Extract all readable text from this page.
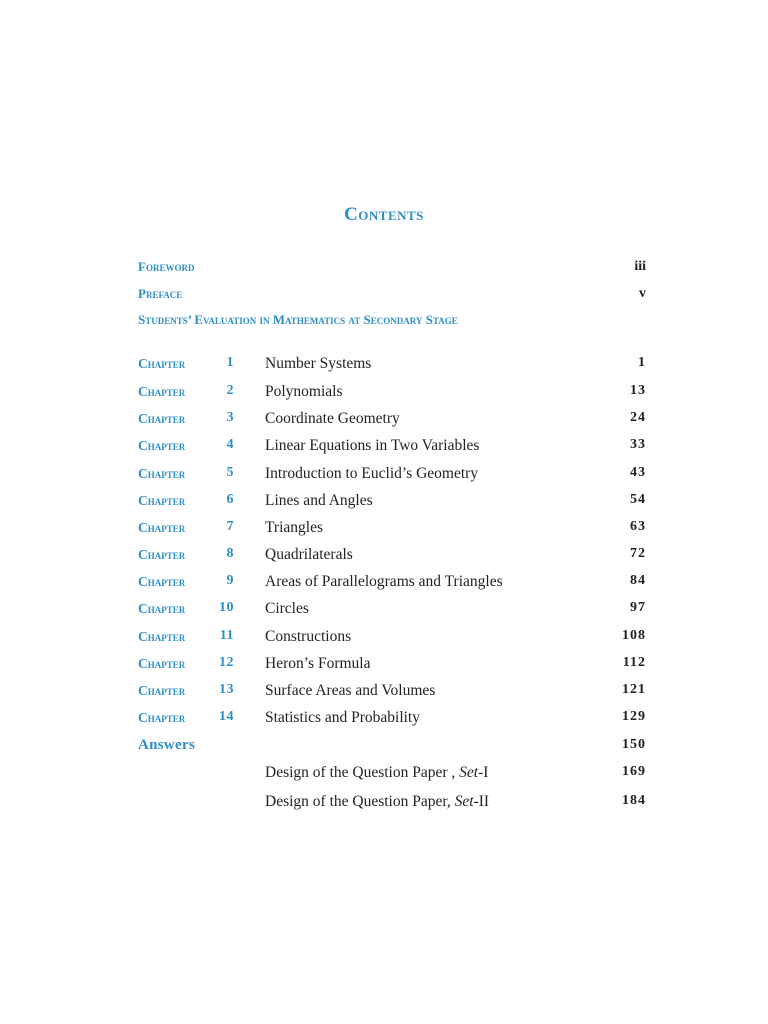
Contents
Foreword	iii
Preface	v
Students’ Evaluation in Mathematics at Secondary Stage
Chapter	1 Number Systems	1
Chapter	2 Polynomials	13
Chapter	3 Coordinate Geometry	24
Chapter	4 Linear Equations in Two Variables	33
Chapter	5 Introduction to Euclid’s Geometry	43
Chapter	6 Lines and Angles	54
Chapter	7 Triangles	63
Chapter	8 Quadrilaterals	72
Chapter	9 Areas of Parallelograms and Triangles	84
Chapter	10 Circles	97
Chapter	11 Constructions	108
Chapter	12 Heron’s Formula	112
Chapter	13 Surface Areas and Volumes	121
Chapter	14 Statistics and Probability	129
Answers	150
Design of the Question Paper , Set-I	169
Design of the Question Paper, Set-II	184
